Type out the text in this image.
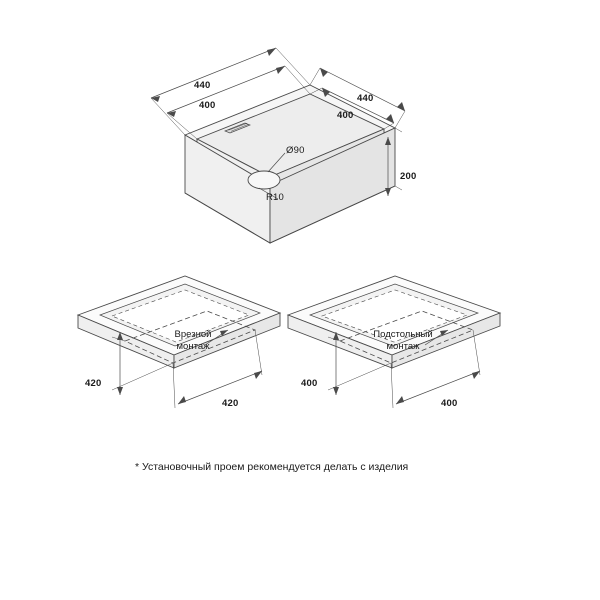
440
400
440
400
200
Ø90
R10
Врезной
монтаж
420
420
Подстольный
монтаж
400
400
* Установочный проем рекомендуется делать с изделия
